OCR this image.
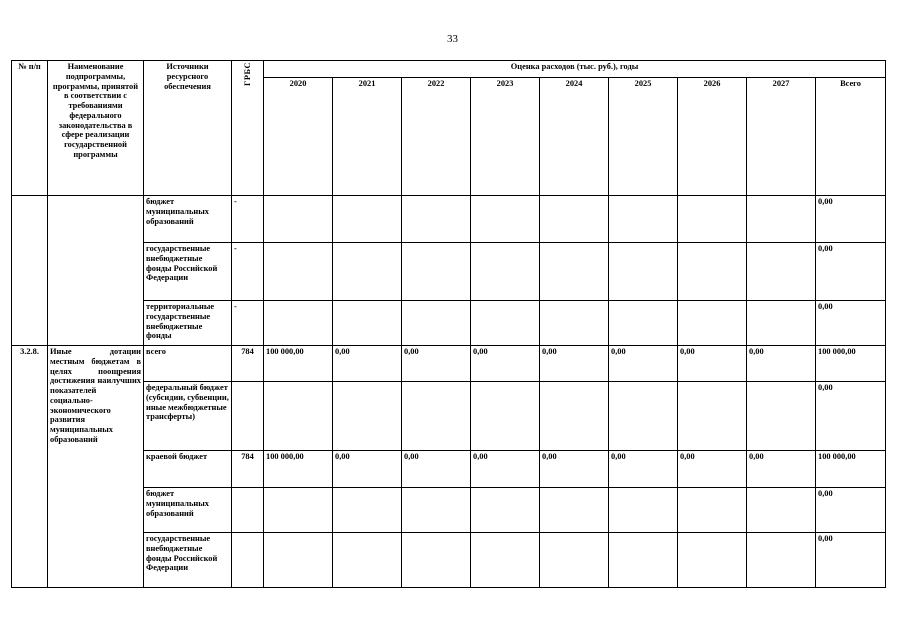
33
№ п/п	Наименование подпрограммы, программы, принятой в соответствии с требованиями федерального законодательства в сфере реализации государственной программы	Источники ресурсного обеспечения	ГРБС	Оценка расходов (тыс. руб.), годы								
				2020	2021	2022	2023	2024	2025	2026	2027	Всего
		бюджет муниципальных образований	-									0,00
		государственные внебюджетные фонды Российской Федерации	-									0,00
		территориальные государственные внебюджетные фонды	-									0,00
3.2.8.	Иные дотации местным бюджетам в целях поощрения достижения наилучших показателей социально-экономического развития муниципальных образований	всего	784	100 000,00	0,00	0,00	0,00	0,00	0,00	0,00	0,00	100 000,00
		федеральный бюджет (субсидии, субвенции, иные межбюджетные трансферты)										0,00
		краевой бюджет	784	100 000,00	0,00	0,00	0,00	0,00	0,00	0,00	0,00	100 000,00
		бюджет муниципальных образований										0,00
		государственные внебюджетные фонды Российской Федерации										0,00
